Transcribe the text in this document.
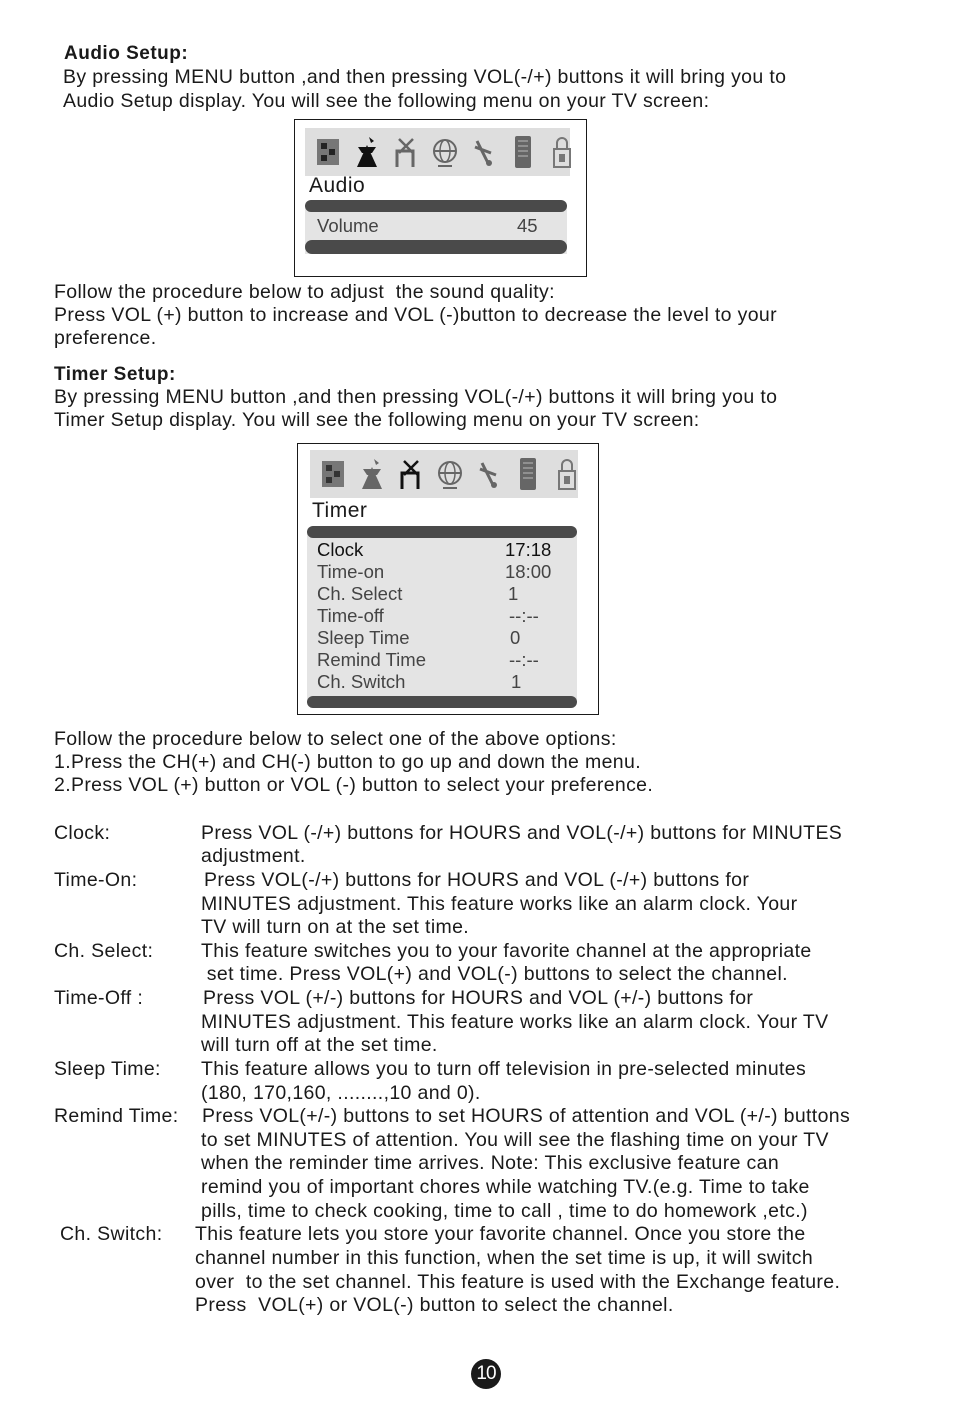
Audio Setup:
By pressing MENU button ,and then pressing VOL(-/+) buttons it will bring you to
Audio Setup display. You will see the following menu on your TV screen:
Audio
Volume	45
Follow the procedure below to adjust  the sound quality:
Press VOL (+) button to increase and VOL (-)button to decrease the level to your
preference.
Timer Setup:
By pressing MENU button ,and then pressing VOL(-/+) buttons it will bring you to
Timer Setup display. You will see the following menu on your TV screen:
Timer
Clock	17:18
Time-on	18:00
Ch. Select	1
Time-off	--:--
Sleep Time	0
Remind Time	--:--
Ch. Switch	1
Follow the procedure below to select one of the above options:
1.Press the CH(+) and CH(-) button to go up and down the menu.
2.Press VOL (+) button or VOL (-) button to select your preference.
Clock:	Press VOL (-/+) buttons for HOURS and VOL(-/+) buttons for MINUTES
adjustment.
Time-On:	Press VOL(-/+) buttons for HOURS and VOL (-/+) buttons for
MINUTES adjustment. This feature works like an alarm clock. Your
TV will turn on at the set time.
Ch. Select: This feature switches you to your favorite channel at the appropriate
set time. Press VOL(+) and VOL(-) buttons to select the channel.
Time-Off :	Press VOL (+/-) buttons for HOURS and VOL (+/-) buttons for
MINUTES adjustment. This feature works like an alarm clock. Your TV
will turn off at the set time.
Sleep Time: This feature allows you to turn off television in pre-selected minutes
(180, 170,160, ........,10 and 0).
Remind Time: Press VOL(+/-) buttons to set HOURS of attention and VOL (+/-) buttons
to set MINUTES of attention. You will see the flashing time on your TV
when the reminder time arrives. Note: This exclusive feature can
remind you of important chores while watching TV.(e.g. Time to take
pills, time to check cooking, time to call , time to do homework ,etc.)
Ch. Switch: This feature lets you store your favorite channel. Once you store the
channel number in this function, when the set time is up, it will switch
over  to the set channel. This feature is used with the Exchange feature.
Press  VOL(+) or VOL(-) button to select the channel.
10
